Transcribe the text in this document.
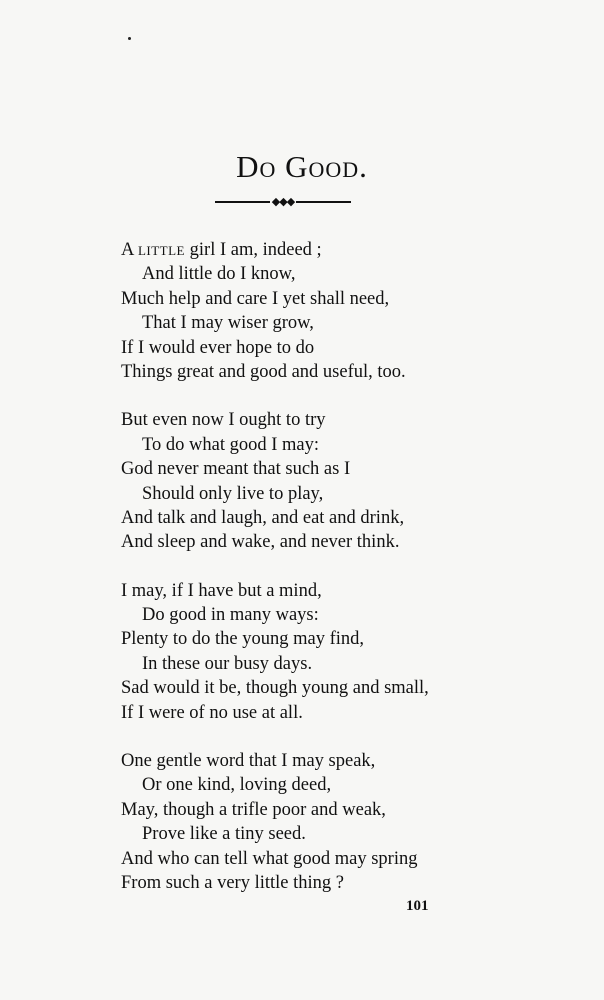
Do Good.
◆◆◆
A little girl I am, indeed ;
And little do I know,
Much help and care I yet shall need,
That I may wiser grow,
If I would ever hope to do
Things great and good and useful, too.
But even now I ought to try
To do what good I may:
God never meant that such as I
Should only live to play,
And talk and laugh, and eat and drink,
And sleep and wake, and never think.
I may, if I have but a mind,
Do good in many ways:
Plenty to do the young may find,
In these our busy days.
Sad would it be, though young and small,
If I were of no use at all.
One gentle word that I may speak,
Or one kind, loving deed,
May, though a trifle poor and weak,
Prove like a tiny seed.
And who can tell what good may spring
From such a very little thing ?
101
